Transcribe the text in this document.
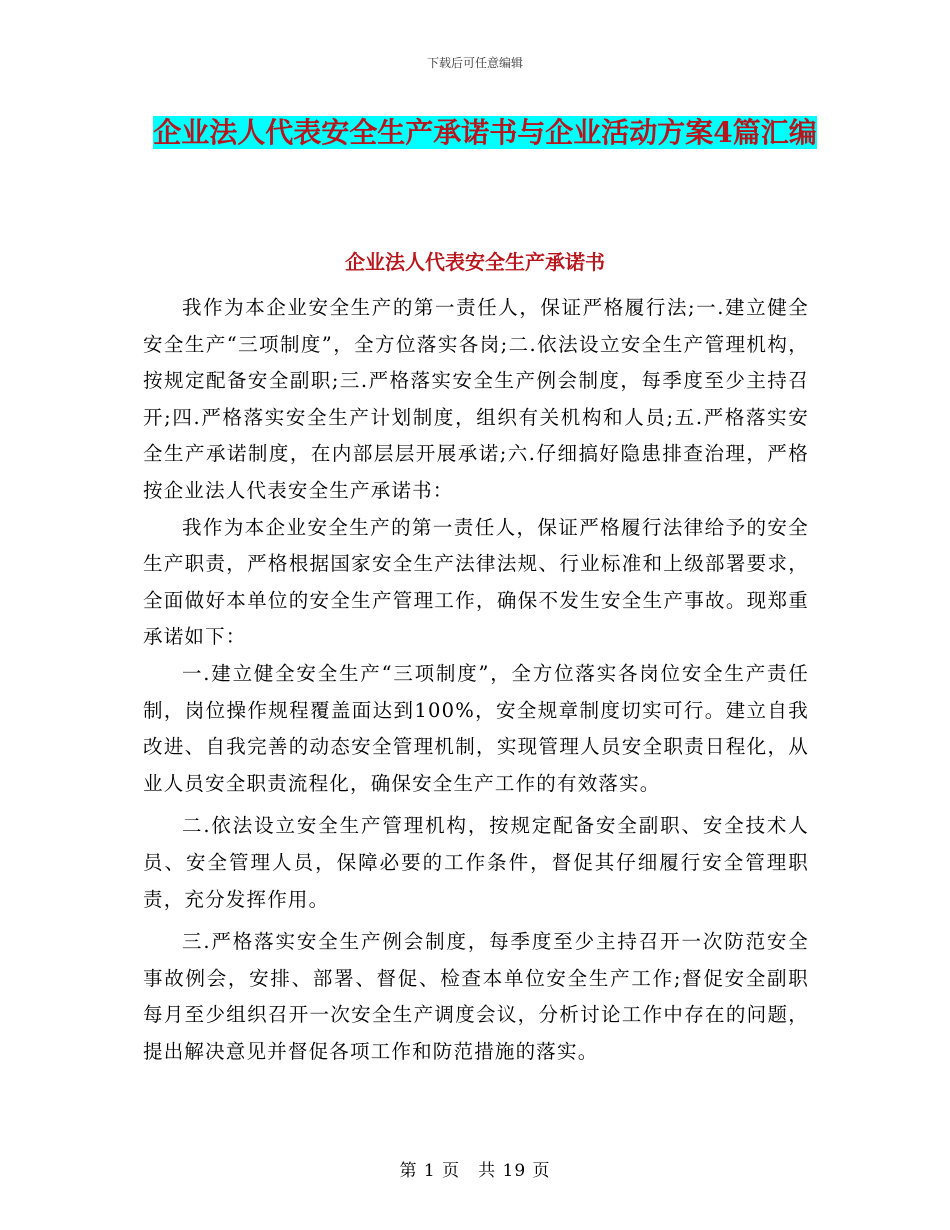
下载后可任意编辑
企业法人代表安全生产承诺书与企业活动方案4篇汇编
企业法人代表安全生产承诺书

我作为本企业安全生产的第一责任人，保证严格履行法;一.建立健全安全生产“三项制度”，全方位落实各岗;二.依法设立安全生产管理机构，按规定配备安全副职;三.严格落实安全生产例会制度，每季度至少主持召开;四.严格落实安全生产计划制度，组织有关机构和人员;五.严格落实安全生产承诺制度，在内部层层开展承诺;六.仔细搞好隐患排查治理，严格按企业法人代表安全生产承诺书：

我作为本企业安全生产的第一责任人，保证严格履行法律给予的安全生产职责，严格根据国家安全生产法律法规、行业标准和上级部署要求，全面做好本单位的安全生产管理工作，确保不发生安全生产事故。现郑重承诺如下：

一.建立健全安全生产“三项制度”，全方位落实各岗位安全生产责任制，岗位操作规程覆盖面达到100%，安全规章制度切实可行。建立自我改进、自我完善的动态安全管理机制，实现管理人员安全职责日程化，从业人员安全职责流程化，确保安全生产工作的有效落实。

二.依法设立安全生产管理机构，按规定配备安全副职、安全技术人员、安全管理人员，保障必要的工作条件，督促其仔细履行安全管理职责，充分发挥作用。

三.严格落实安全生产例会制度，每季度至少主持召开一次防范安全事故例会，安排、部署、督促、检查本单位安全生产工作;督促安全副职每月至少组织召开一次安全生产调度会议，分析讨论工作中存在的问题，提出解决意见并督促各项工作和防范措施的落实。

第 1 页　共 19 页
